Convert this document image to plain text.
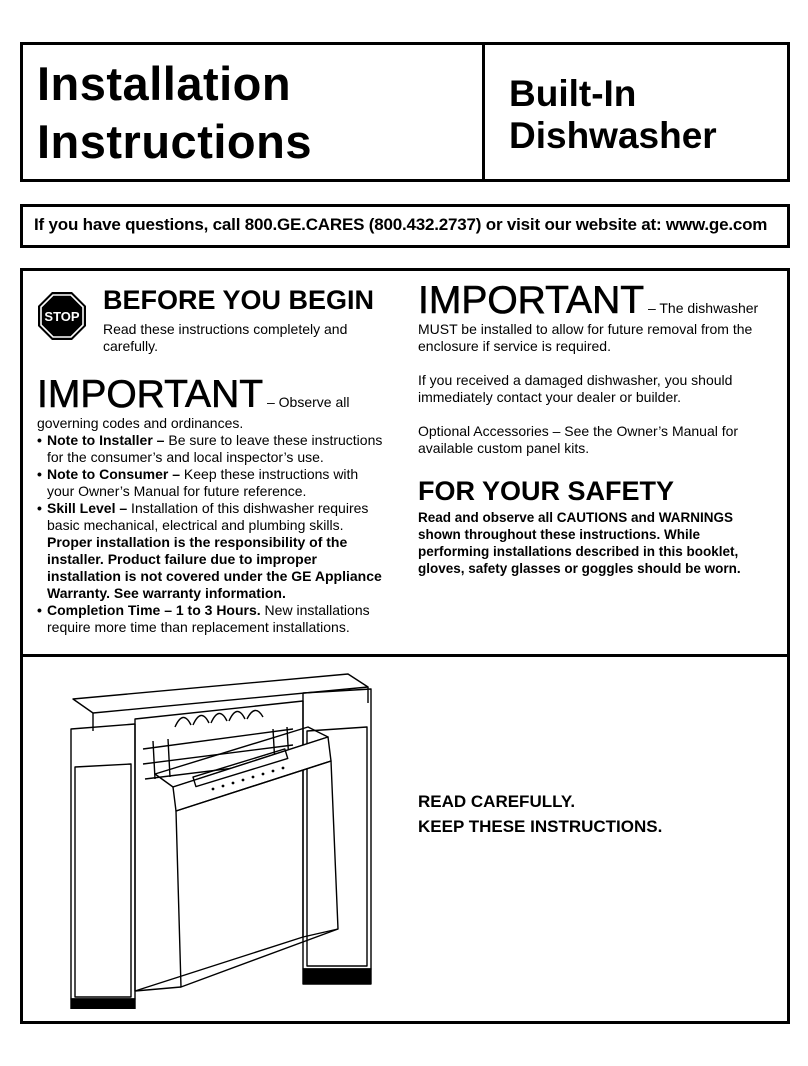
Installation
Instructions
Built-In
Dishwasher
If you have questions, call 800.GE.CARES (800.432.2737) or visit our website at: www.ge.com
STOP
BEFORE YOU BEGIN
Read these instructions completely and carefully.
IMPORTANT – Observe all
governing codes and ordinances.
• Note to Installer – Be sure to leave these instructions for the consumer’s and local inspector’s use.
• Note to Consumer – Keep these instructions with your Owner’s Manual for future reference.
• Skill Level – Installation of this dishwasher requires basic mechanical, electrical and plumbing skills.
Proper installation is the responsibility of the installer. Product failure due to improper installation is not covered under the GE Appliance Warranty. See warranty information.
• Completion Time – 1 to 3 Hours. New installations require more time than replacement installations.
IMPORTANT – The dishwasher

MUST be installed to allow for future removal from the enclosure if service is required.

If you received a damaged dishwasher, you should immediately contact your dealer or builder.

Optional Accessories – See the Owner’s Manual for available custom panel kits.

FOR YOUR SAFETY

Read and observe all CAUTIONS and WARNINGS shown throughout these instructions. While performing installations described in this booklet, gloves, safety glasses or goggles should be worn.

READ CAREFULLY.
KEEP THESE INSTRUCTIONS.
